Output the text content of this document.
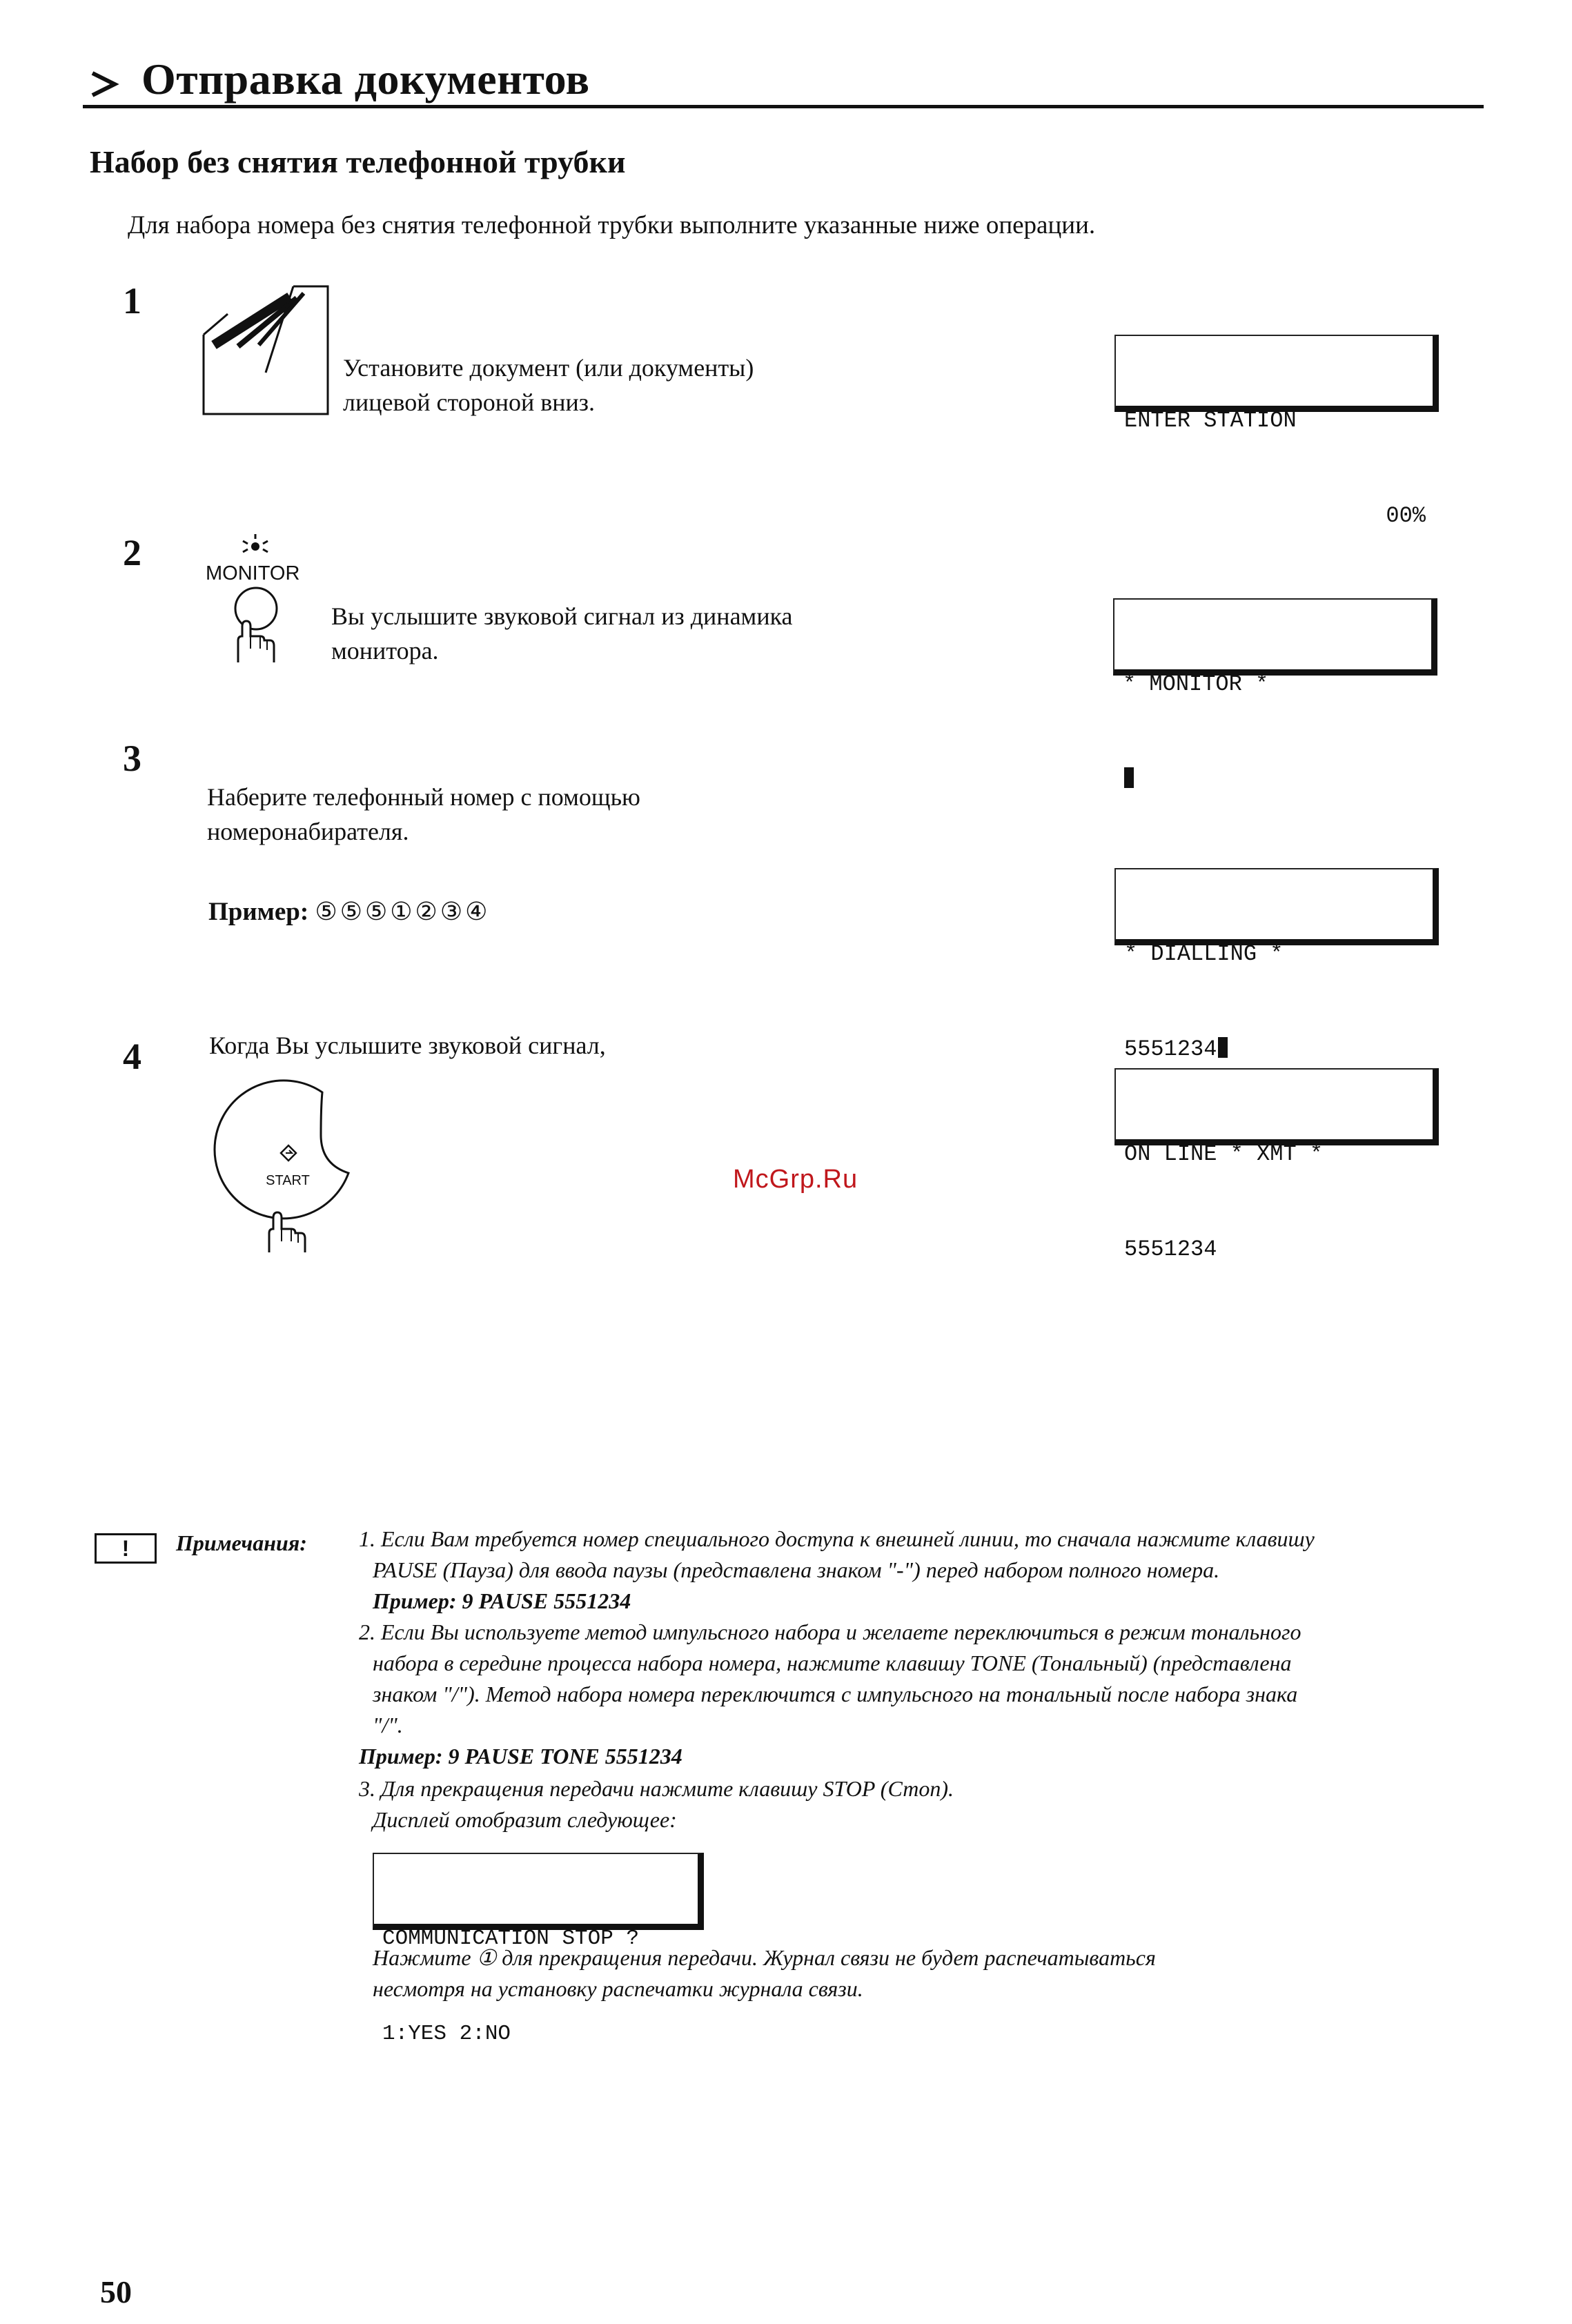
Отправка документов
Набор без снятия телефонной трубки
Для набора номера без снятия телефонной трубки выполните указанные ниже операции.
1
Установите документ (или документы)
лицевой стороной вниз.

ENTER STATION

00%

2	MONITOR
Вы услышите звуковой сигнал из динамика
монитора.

* MONITOR *

3
Наберите телефонный номер с помощью
номеронабирателя.
Пример: ⑤⑤⑤①②③④

* DIALLING *

5551234

4	Когда Вы услышите звуковой сигнал,
START

ON LINE * XMT *

5551234

McGrp.Ru
!	Примечания: 1. Если Вам требуется номер специального доступа к внешней линии, то сначала нажмите клавишу
PAUSE (Пауза) для ввода паузы (представлена знаком "-") перед набором полного номера.
Пример: 9 PAUSE 5551234
2. Если Вы используете метод импульсного набора и желаете переключиться в режим тонального
набора в середине процесса набора номера, нажмите клавишу TONE (Тональный) (представлена
знаком "/"). Метод набора номера переключится с импульсного на тональный после набора знака
"/".
Пример: 9 PAUSE TONE 5551234
3. Для прекращения передачи нажмите клавишу STOP (Стоп).
Дисплей отобразит следующее:

COMMUNICATION STOP ?

1:YES 2:NO

Нажмите ① для прекращения передачи. Журнал связи не будет распечатываться
несмотря на установку распечатки журнала связи.
50
